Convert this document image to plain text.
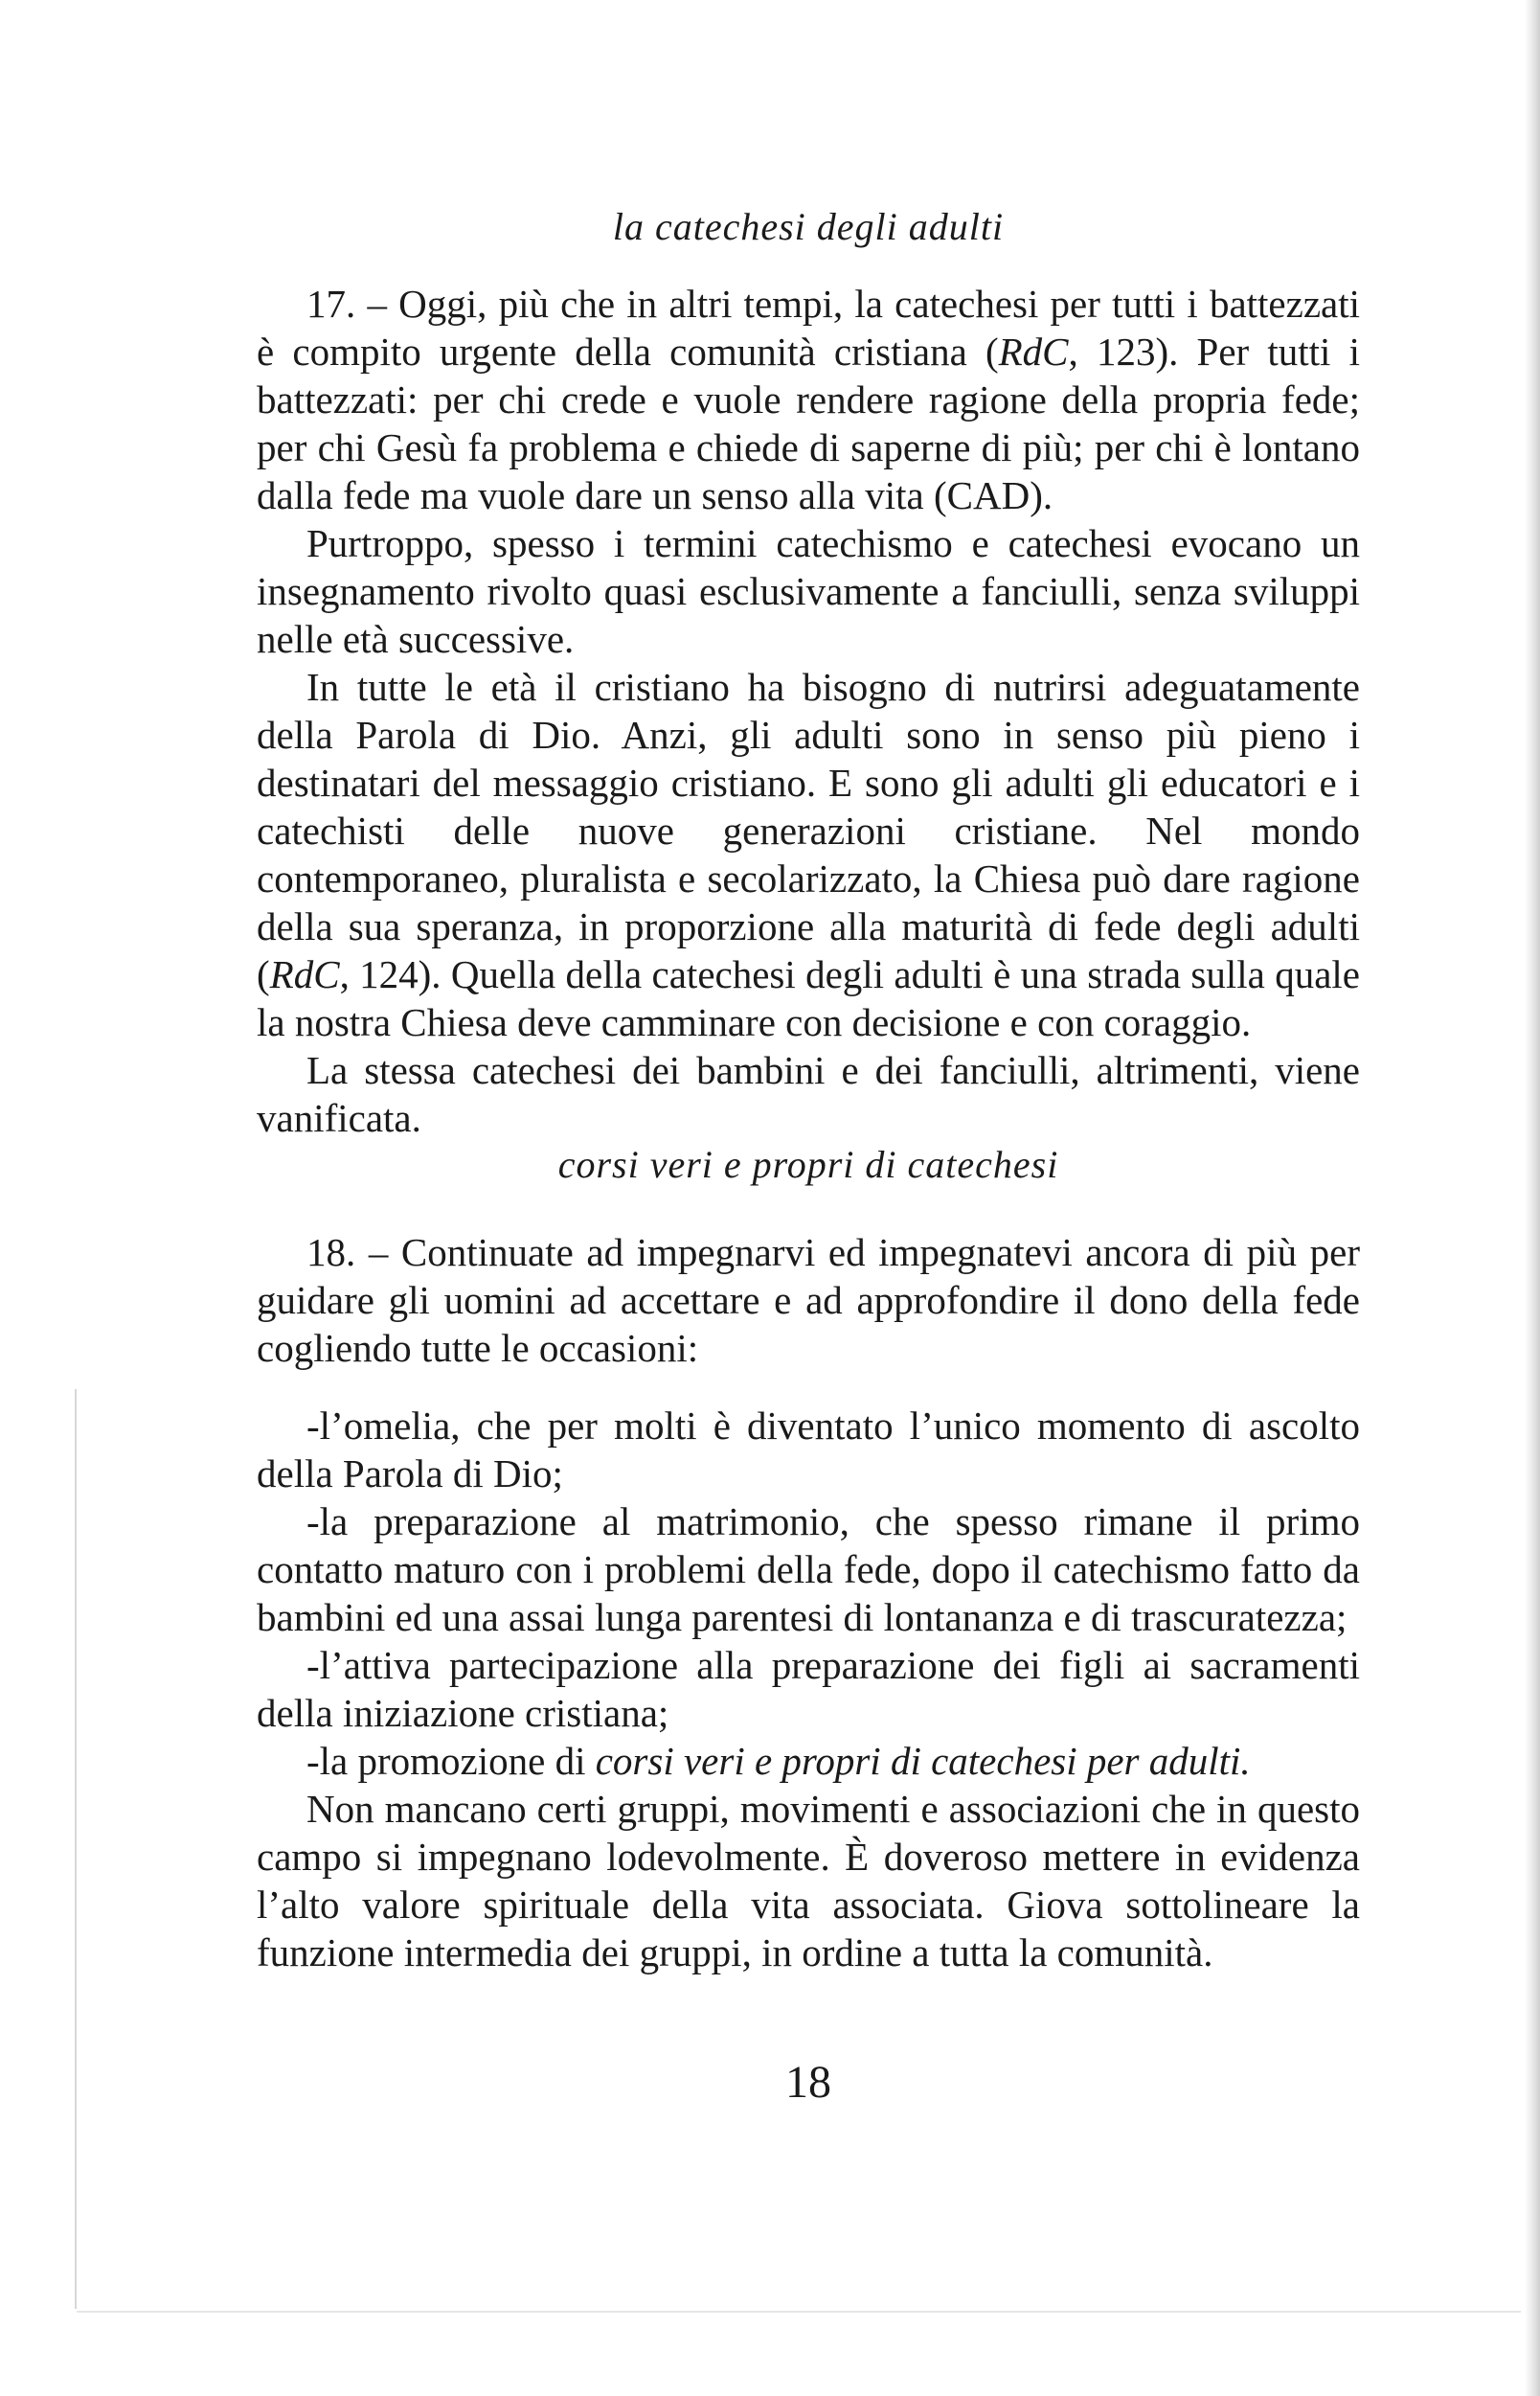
la catechesi degli adulti

17. – Oggi, più che in altri tempi, la catechesi per tutti i battezzati è compito urgente della comunità cristiana (RdC, 123). Per tutti i battezzati: per chi crede e vuole rendere ragione della propria fede; per chi Gesù fa problema e chiede di saperne di più; per chi è lontano dalla fede ma vuole dare un senso alla vita (CAD).

Purtroppo, spesso i termini catechismo e catechesi evocano un insegnamento rivolto quasi esclusivamente a fanciulli, senza sviluppi nelle età successive.

In tutte le età il cristiano ha bisogno di nutrirsi adeguatamente della Parola di Dio. Anzi, gli adulti sono in senso più pieno i destinatari del messaggio cristiano. E sono gli adulti gli educatori e i catechisti delle nuove generazioni cristiane. Nel mondo contemporaneo, pluralista e secolarizzato, la Chiesa può dare ragione della sua speranza, in proporzione alla maturità di fede degli adulti (RdC, 124). Quella della catechesi degli adulti è una strada sulla quale la nostra Chiesa deve camminare con decisione e con coraggio.

La stessa catechesi dei bambini e dei fanciulli, altrimenti, viene vanificata.

corsi veri e propri di catechesi

18. – Continuate ad impegnarvi ed impegnatevi ancora di più per guidare gli uomini ad accettare e ad approfondire il dono della fede cogliendo tutte le occasioni:

-l’omelia, che per molti è diventato l’unico momento di ascolto della Parola di Dio;

-la preparazione al matrimonio, che spesso rimane il primo contatto maturo con i problemi della fede, dopo il catechismo fatto da bambini ed una assai lunga parentesi di lontananza e di trascuratezza;

-l’attiva partecipazione alla preparazione dei figli ai sacramenti della iniziazione cristiana;

-la promozione di corsi veri e propri di catechesi per adulti.

Non mancano certi gruppi, movimenti e associazioni che in questo campo si impegnano lodevolmente. È doveroso mettere in evidenza l’alto valore spirituale della vita associata. Giova sottolineare la funzione intermedia dei gruppi, in ordine a tutta la comunità.

18
